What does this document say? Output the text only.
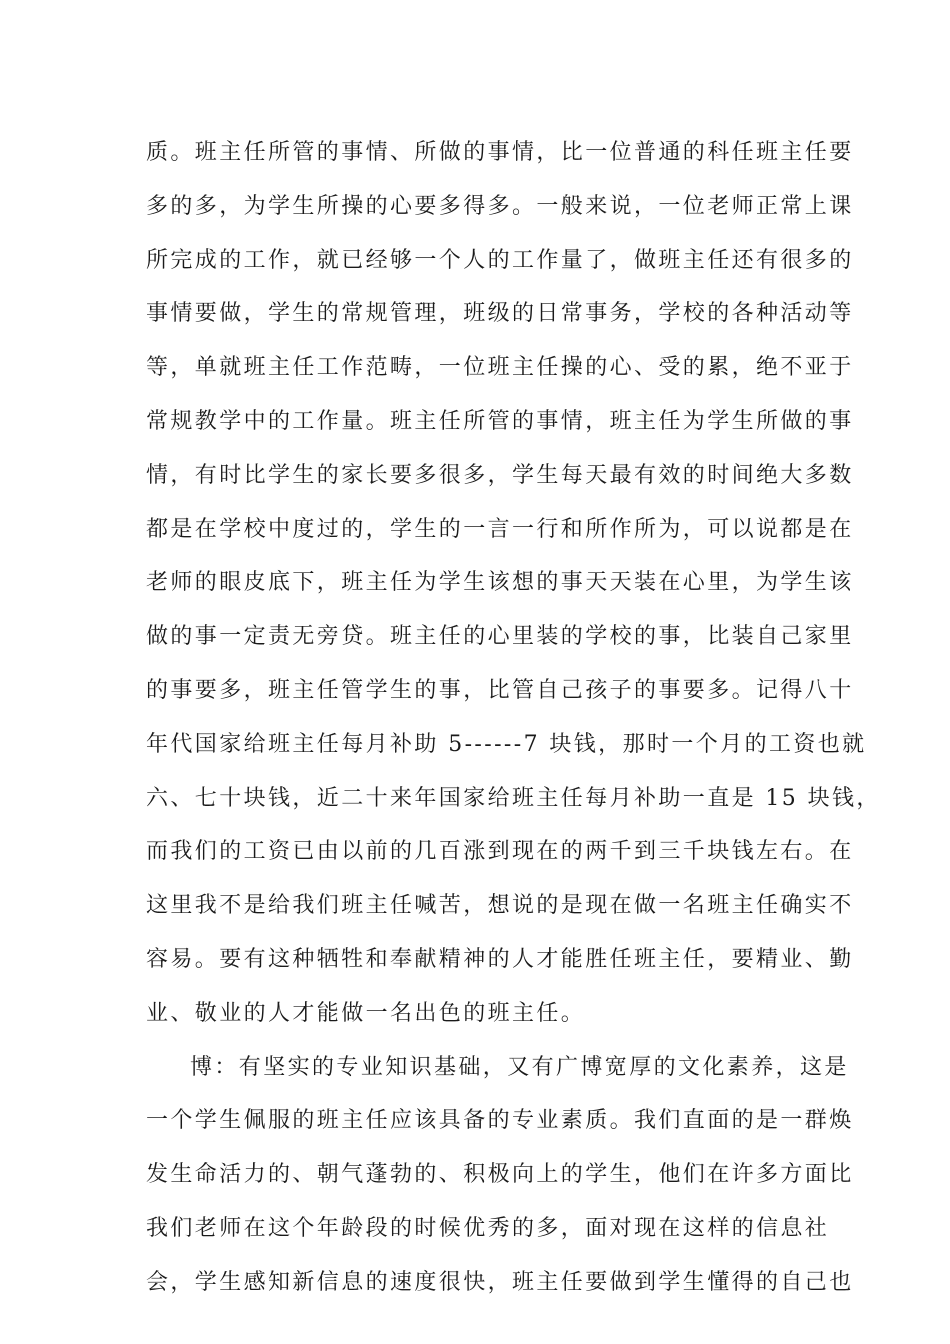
质。班主任所管的事情、所做的事情，比一位普通的科任班主任要
多的多，为学生所操的心要多得多。一般来说，一位老师正常上课
所完成的工作，就已经够一个人的工作量了，做班主任还有很多的
事情要做，学生的常规管理，班级的日常事务，学校的各种活动等
等，单就班主任工作范畴，一位班主任操的心、受的累，绝不亚于
常规教学中的工作量。班主任所管的事情，班主任为学生所做的事
情，有时比学生的家长要多很多，学生每天最有效的时间绝大多数
都是在学校中度过的，学生的一言一行和所作所为，可以说都是在
老师的眼皮底下，班主任为学生该想的事天天装在心里，为学生该
做的事一定责无旁贷。班主任的心里装的学校的事，比装自己家里
的事要多，班主任管学生的事，比管自己孩子的事要多。记得八十
年代国家给班主任每月补助 5------7 块钱，那时一个月的工资也就
六、七十块钱，近二十来年国家给班主任每月补助一直是 15 块钱，
而我们的工资已由以前的几百涨到现在的两千到三千块钱左右。在
这里我不是给我们班主任喊苦，想说的是现在做一名班主任确实不
容易。要有这种牺牲和奉献精神的人才能胜任班主任，要精业、勤
业、敬业的人才能做一名出色的班主任。
博：有坚实的专业知识基础，又有广博宽厚的文化素养，这是
一个学生佩服的班主任应该具备的专业素质。我们直面的是一群焕
发生命活力的、朝气蓬勃的、积极向上的学生，他们在许多方面比
我们老师在这个年龄段的时候优秀的多，面对现在这样的信息社
会，学生感知新信息的速度很快，班主任要做到学生懂得的自己也
